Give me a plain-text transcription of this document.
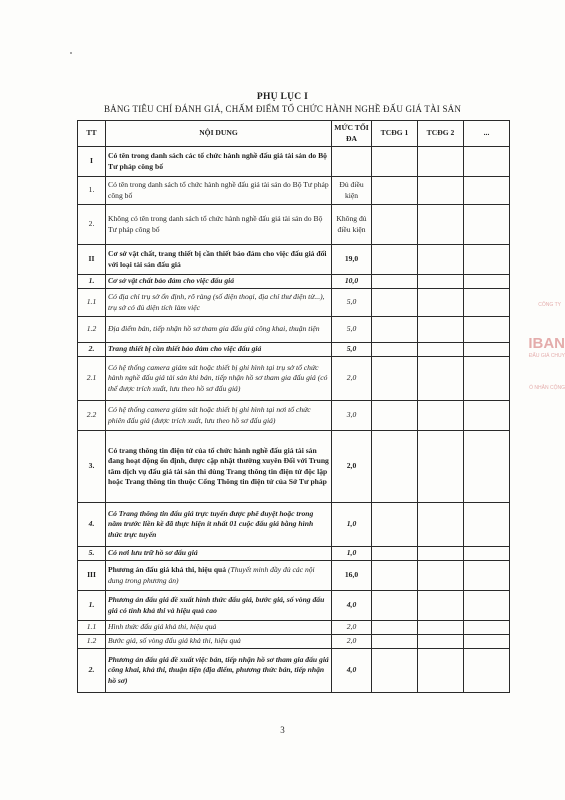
PHỤ LỤC I
BẢNG TIÊU CHÍ ĐÁNH GIÁ, CHẤM ĐIỂM TỔ CHỨC HÀNH NGHỀ ĐẤU GIÁ TÀI SẢN
TT	NỘI DUNG	MỨC TỐI ĐA	TCĐG 1	TCĐG 2	...
I	Có tên trong danh sách các tổ chức hành nghề đấu giá tài sản do Bộ Tư pháp công bố				
1.	Có tên trong danh sách tổ chức hành nghề đấu giá tài sản do Bộ Tư pháp công bố	Đủ điều kiện			
2.	Không có tên trong danh sách tổ chức hành nghề đấu giá tài sản do Bộ Tư pháp công bố	Không đủ điều kiện			
II	Cơ sở vật chất, trang thiết bị cần thiết bảo đảm cho việc đấu giá đối với loại tài sản đấu giá	19,0			
1.	Cơ sở vật chất bảo đảm cho việc đấu giá	10,0			
1.1	Có địa chỉ trụ sở ổn định, rõ ràng (số điện thoại, địa chỉ thư điện tử...), trụ sở có đủ diện tích làm việc	5,0			
1.2	Địa điểm bán, tiếp nhận hồ sơ tham gia đấu giá công khai, thuận tiện	5,0			
2.	Trang thiết bị cần thiết bảo đảm cho việc đấu giá	5,0			
2.1	Có hệ thống camera giám sát hoặc thiết bị ghi hình tại trụ sở tổ chức hành nghề đấu giá tài sản khi bán, tiếp nhận hồ sơ tham gia đấu giá (có thể được trích xuất, lưu theo hồ sơ đấu giá)	2,0			
2.2	Có hệ thống camera giám sát hoặc thiết bị ghi hình tại nơi tổ chức phiên đấu giá (được trích xuất, lưu theo hồ sơ đấu giá)	3,0			
3.	Có trang thông tin điện tử của tổ chức hành nghề đấu giá tài sản đang hoạt động ổn định, được cập nhật thường xuyên Đối với Trung tâm dịch vụ đấu giá tài sản thì dùng Trang thông tin điện tử độc lập hoặc Trang thông tin thuộc Cổng Thông tin điện tử của Sở Tư pháp	2,0			
4.	Có Trang thông tin đấu giá trực tuyến được phê duyệt hoặc trong năm trước liền kề đã thực hiện ít nhất 01 cuộc đấu giá bằng hình thức trực tuyến	1,0			
5.	Có nơi lưu trữ hồ sơ đấu giá	1,0			
III	Phương án đấu giá khả thi, hiệu quả (Thuyết minh đầy đủ các nội dung trong phương án)	16,0			
1.	Phương án đấu giá đề xuất hình thức đấu giá, bước giá, số vòng đấu giá có tính khả thi và hiệu quả cao	4,0			
1.1	Hình thức đấu giá khả thi, hiệu quả	2,0			
1.2	Bước giá, số vòng đấu giá khả thi, hiệu quả	2,0			
2.	Phương án đấu giá đề xuất việc bán, tiếp nhận hồ sơ tham gia đấu giá công khai, khả thi, thuận tiện (địa điểm, phương thức bán, tiếp nhận hồ sơ)	4,0			
3
CÔNG TY
IBAN
ĐẤU GIÁ CHUY
Ổ NHÂN CỘNG
